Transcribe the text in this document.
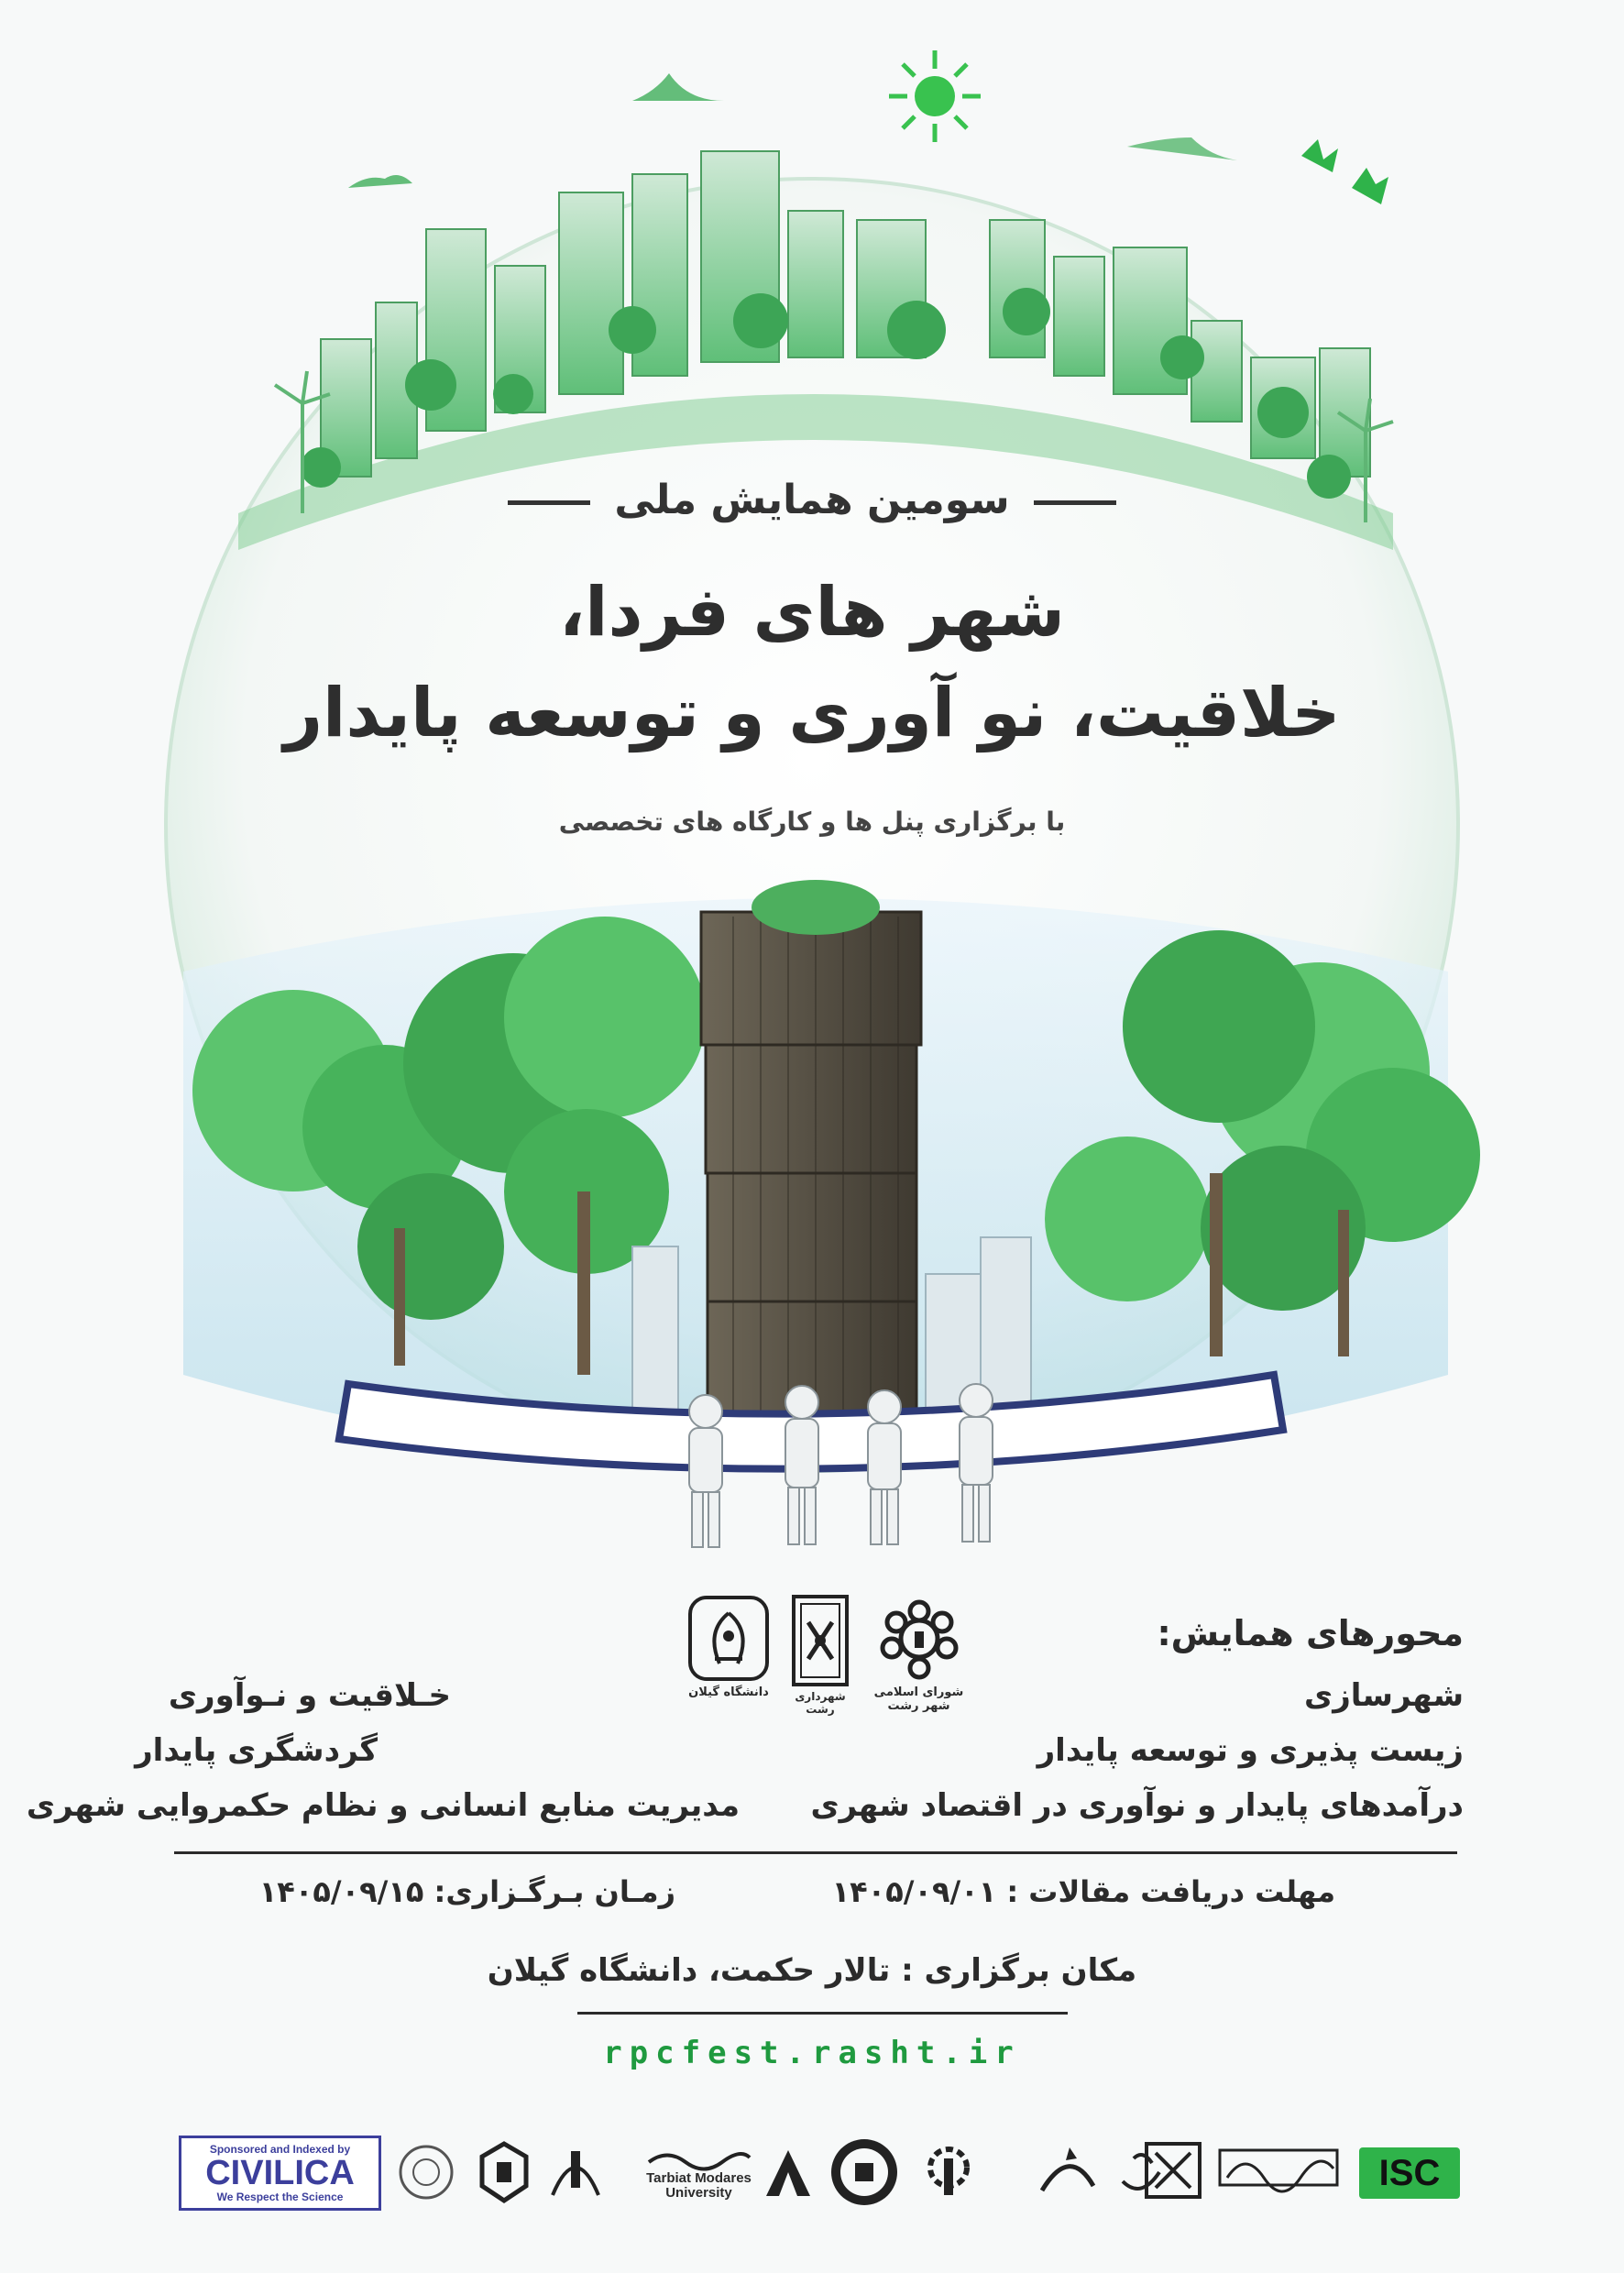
سومین همایش ملی
شهر های فردا،
خلاقیت، نو آوری و توسعه پایدار
با برگزاری پنل ها و کارگاه های تخصصی
دانشگاه گیلان	شهرداری رشت
شورای اسلامی شهر رشت
محورهای همایش:
شهرسازی
زیست پذیری و توسعه پایدار
درآمدهای پایدار و نوآوری در اقتصاد شهری
خـلاقیت و نـوآوری
گردشگری پایدار
مدیریت منابع انسانی و نظام حکمروایی شهری
مهلت دریافت مقالات : ۱۴۰۵/۰۹/۰۱
زمـان بـرگـزاری: ۱۴۰۵/۰۹/۱۵
مکان برگزاری : تالار حکمت، دانشگاه گیلان
rpcfest.rasht.ir
Sponsored and Indexed by
CIVILICA
We Respect the Science
Tarbiat Modares University	ISC
